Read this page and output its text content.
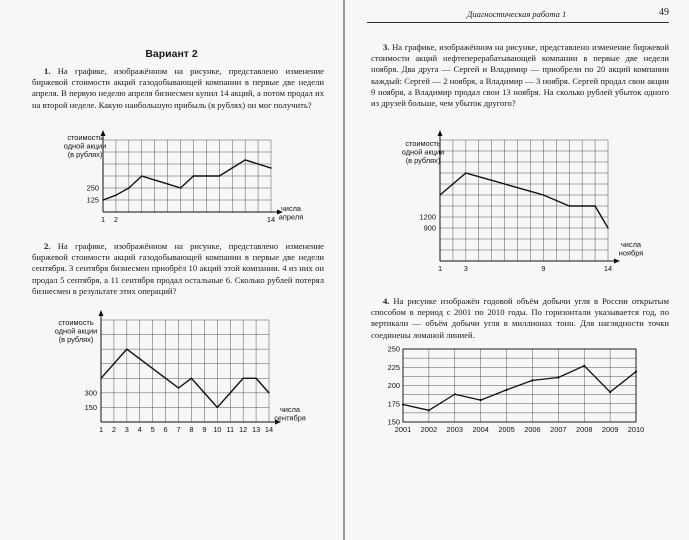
Вариант 2
1. На графике, изображённом на рисунке, представлено изменение биржевой стоимости акций газодобывающей компании в первые две недели апреля. В первую неделю апреля бизнесмен купил 14 акций, а потом продал их на второй неделе. Какую наибольшую прибыль (в рублях) он мог получить?
стоимость
одной акции
(в рублях)
числа
апреля
250
125
1 2	14
2. На графике, изображённом на рисунке, представлено изменение биржевой стоимости акций газодобывающей компании в первые две недели сентября. 3 сентября бизнесмен приобрёл 10 акций этой компании. 4 из них он продал 5 сентября, а 11 сентября продал остальные 6. Сколько рублей потерял бизнесмен в результате этих операций?
стоимость
одной акции
(в рублях)
числа
сентября
300
150
1 2 3 4 5 6 7 8 9 10 11 12 13 14
Диагностическая работа 1	49
3. На графике, изображённом на рисунке, представлено изменение биржевой стоимости акций нефтеперерабатывающей компании в первые две недели ноября. Два друга — Сергей и Владимир — приобрели по 20 акций компании каждый: Сергей — 2 ноября, а Владимир — 3 ноября. Сергей продал свои акции 9 ноября, а Владимир продал свои 13 ноября. На сколько рублей убыток одного из друзей больше, чем убыток другого?
стоимость
одной акции
(в рублях)
числа
ноября
1200
900
1	3	9	14
4. На рисунке изображён годовой объём добычи угля в России открытым способом в период с 2001 по 2010 годы. По горизонтали указывается год, по вертикали — объём добычи угля в миллионах тонн. Для наглядности точки соединены ломаной линией.
150
175
200
225
250
2001 2002 2003 2004 2005 2006 2007 2008 2009 2010
